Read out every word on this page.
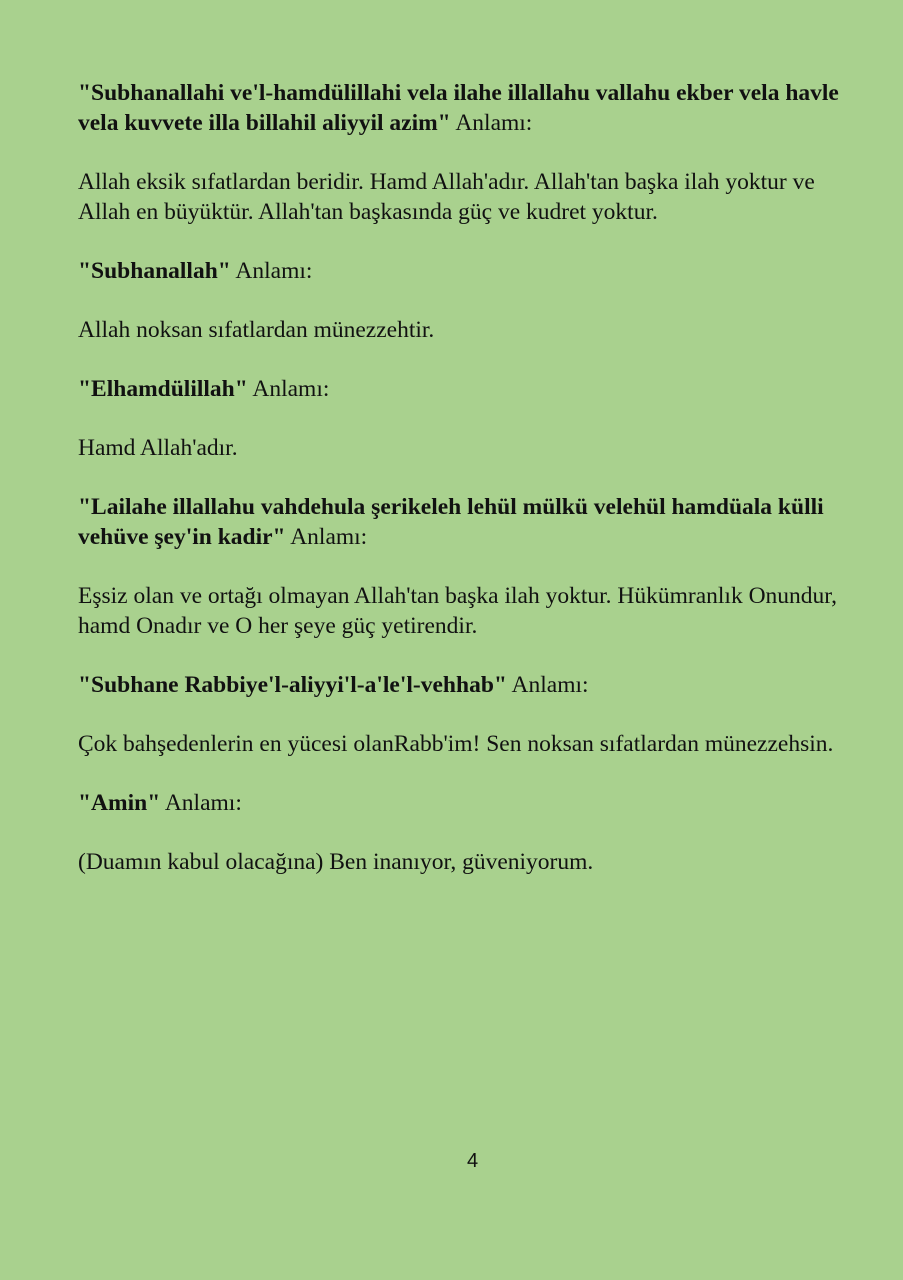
"Subhanallahi ve'l-hamdülillahi vela ilahe illallahu vallahu ekber vela havle vela kuvvete illa billahil aliyyil azim" Anlamı:
Allah eksik sıfatlardan beridir. Hamd Allah'adır. Allah'tan başka ilah yoktur ve Allah en büyüktür. Allah'tan başkasında güç ve kudret yoktur.
"Subhanallah" Anlamı:
Allah noksan sıfatlardan münezzehtir.
"Elhamdülillah" Anlamı:
Hamd Allah'adır.
"Lailahe illallahu vahdehula şerikeleh lehül mülkü velehül hamdüala külli vehüve şey'in kadir" Anlamı:
Eşsiz olan ve ortağı olmayan Allah'tan başka ilah yoktur. Hükümranlık Onundur, hamd Onadır ve O her şeye güç yetirendir.
"Subhane Rabbiye'l-aliyyi'l-a'le'l-vehhab" Anlamı:
Çok bahşedenlerin en yücesi olanRabb'im! Sen noksan sıfatlardan münezzehsin.
"Amin" Anlamı:
(Duamın kabul olacağına) Ben inanıyor, güveniyorum.
4
